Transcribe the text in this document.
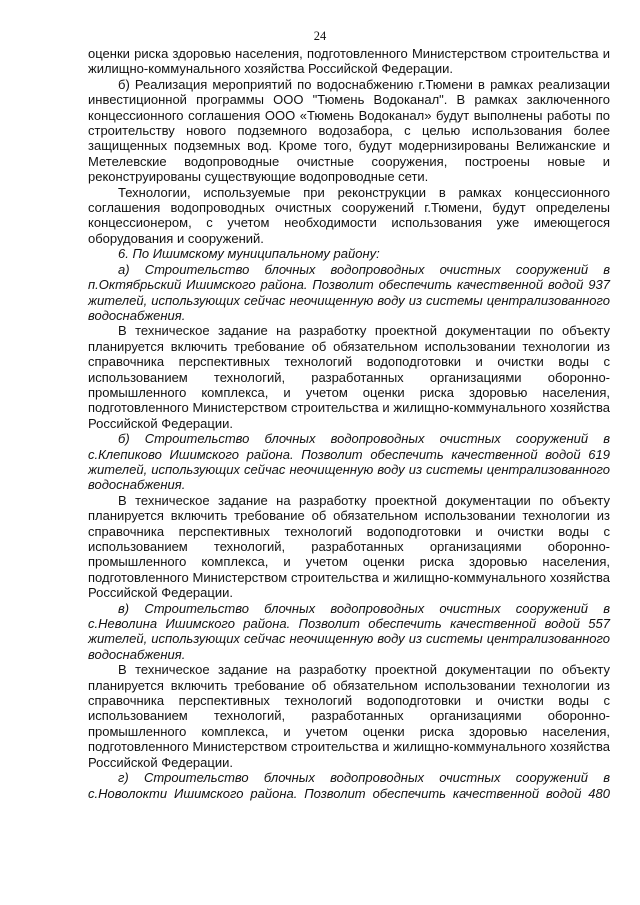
24

оценки риска здоровью населения, подготовленного Министерством строительства и жилищно-коммунального хозяйства Российской Федерации.

б) Реализация мероприятий по водоснабжению г.Тюмени в рамках реализации инвестиционной программы ООО "Тюмень Водоканал". В рамках заключенного концессионного соглашения ООО «Тюмень Водоканал» будут выполнены работы по строительству нового подземного водозабора, с целью использования более защищенных подземных вод. Кроме того, будут модернизированы Велижанские и Метелевские водопроводные очистные сооружения, построены новые и реконструированы существующие водопроводные сети.

Технологии, используемые при реконструкции в рамках концессионного соглашения водопроводных очистных сооружений г.Тюмени, будут определены концессионером, с учетом необходимости использования уже имеющегося оборудования и сооружений.

6. По Ишимскому муниципальному району:

а) Строительство блочных водопроводных очистных сооружений в п.Октябрьский Ишимского района. Позволит обеспечить качественной водой 937 жителей, использующих сейчас неочищенную воду из системы централизованного водоснабжения.

В техническое задание на разработку проектной документации по объекту планируется включить требование об обязательном использовании технологии из справочника перспективных технологий водоподготовки и очистки воды с использованием технологий, разработанных организациями оборонно-промышленного комплекса, и учетом оценки риска здоровью населения, подготовленного Министерством строительства и жилищно-коммунального хозяйства Российской Федерации.

б) Строительство блочных водопроводных очистных сооружений в с.Клепиково Ишимского района. Позволит обеспечить качественной водой 619 жителей, использующих сейчас неочищенную воду из системы централизованного водоснабжения.

В техническое задание на разработку проектной документации по объекту планируется включить требование об обязательном использовании технологии из справочника перспективных технологий водоподготовки и очистки воды с использованием технологий, разработанных организациями оборонно-промышленного комплекса, и учетом оценки риска здоровью населения, подготовленного Министерством строительства и жилищно-коммунального хозяйства Российской Федерации.

в) Строительство блочных водопроводных очистных сооружений в с.Неволина Ишимского района. Позволит обеспечить качественной водой 557 жителей, использующих сейчас неочищенную воду из системы централизованного водоснабжения.

В техническое задание на разработку проектной документации по объекту планируется включить требование об обязательном использовании технологии из справочника перспективных технологий водоподготовки и очистки воды с использованием технологий, разработанных организациями оборонно-промышленного комплекса, и учетом оценки риска здоровью населения, подготовленного Министерством строительства и жилищно-коммунального хозяйства Российской Федерации.

г) Строительство блочных водопроводных очистных сооружений в с.Новолокти Ишимского района. Позволит обеспечить качественной водой 480
